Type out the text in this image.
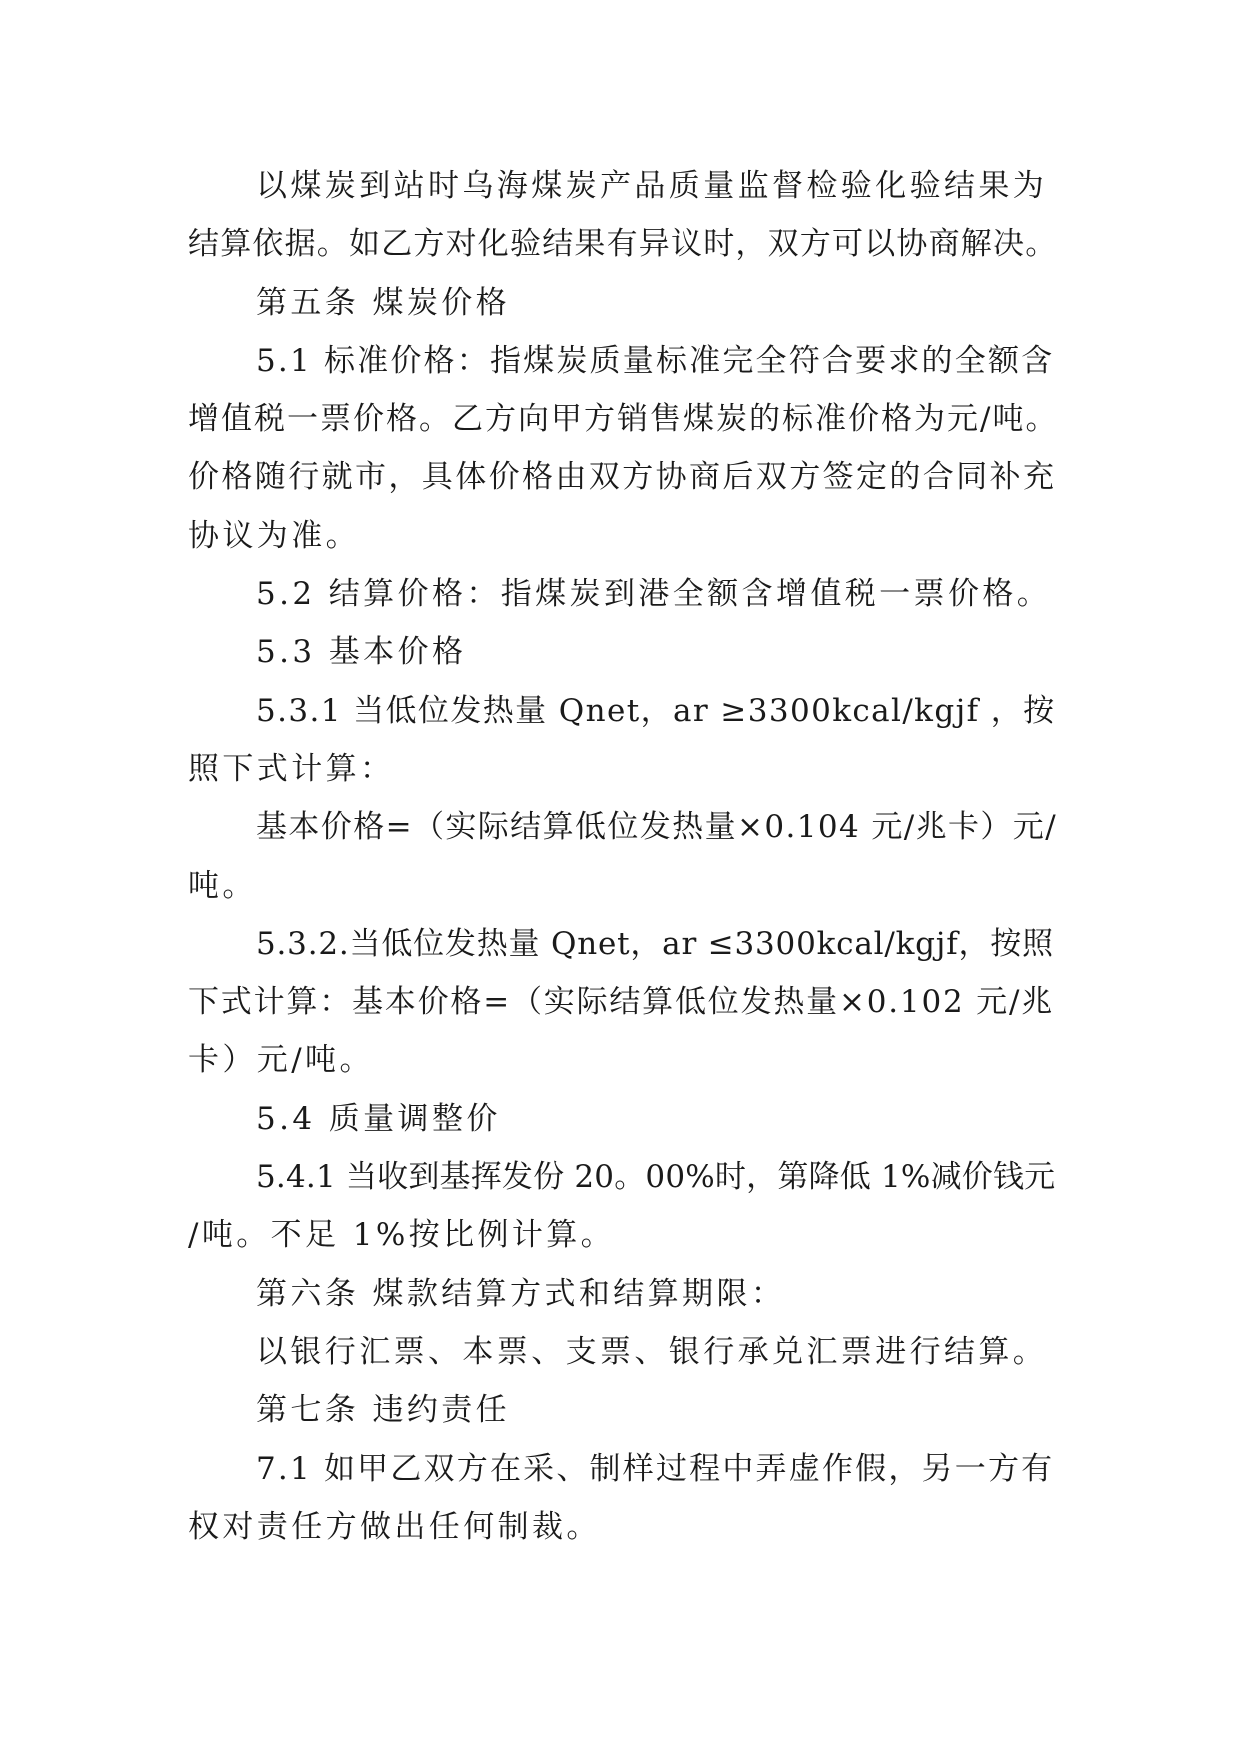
以煤炭到站时乌海煤炭产品质量监督检验化验结果为
结算依据。如乙方对化验结果有异议时，双方可以协商解决。
第五条 煤炭价格
5.1 标准价格：指煤炭质量标准完全符合要求的全额含
增值税一票价格。乙方向甲方销售煤炭的标准价格为元/吨。
价格随行就市，具体价格由双方协商后双方签定的合同补充
协议为准。
5.2 结算价格：指煤炭到港全额含增值税一票价格。
5.3 基本价格
5.3.1 当低位发热量 Qnet，ar ≥3300kcal/kgjf ，按
照下式计算：
基本价格=（实际结算低位发热量×0.104 元/兆卡）元/
吨。
5.3.2.当低位发热量 Qnet，ar ≤3300kcal/kgjf，按照
下式计算：基本价格=（实际结算低位发热量×0.102 元/兆
卡）元/吨。
5.4 质量调整价
5.4.1 当收到基挥发份 20。00%时，第降低 1%减价钱元
/吨。不足 1%按比例计算。
第六条 煤款结算方式和结算期限：
以银行汇票、本票、支票、银行承兑汇票进行结算。
第七条 违约责任
7.1 如甲乙双方在采、制样过程中弄虚作假，另一方有
权对责任方做出任何制裁。
